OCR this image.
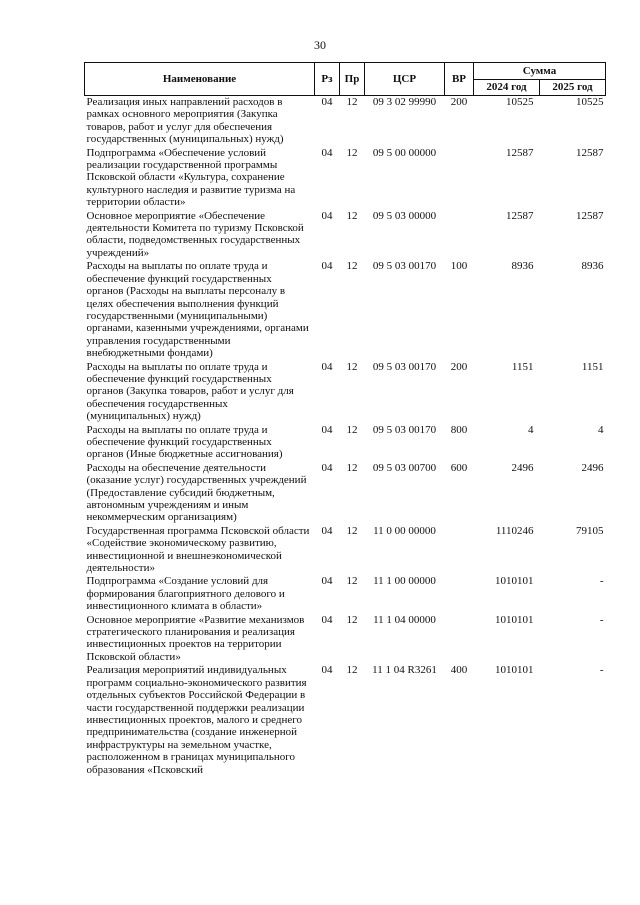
30
Наименование	Рз	Пр	ЦСР	ВР	Сумма	
					2024 год	2025 год
Реализация иных направлений расходов в рамках основного мероприятия (Закупка товаров, работ и услуг для обеспечения государственных (муниципальных) нужд)	04	12	09 3 02 99990	200	10525	10525
Подпрограмма «Обеспечение условий реализации государственной программы Псковской области «Культура, сохранение культурного наследия и развитие туризма на территории области»	04	12	09 5 00 00000		12587	12587
Основное мероприятие «Обеспечение деятельности Комитета по туризму Псковской области, подведомственных государственных учреждений»	04	12	09 5 03 00000		12587	12587
Расходы на выплаты по оплате труда и обеспечение функций государственных органов (Расходы на выплаты персоналу в целях обеспечения выполнения функций государственными (муниципальными) органами, казенными учреждениями, органами управления государственными внебюджетными фондами)	04	12	09 5 03 00170	100	8936	8936
Расходы на выплаты по оплате труда и обеспечение функций государственных органов (Закупка товаров, работ и услуг для обеспечения государственных (муниципальных) нужд)	04	12	09 5 03 00170	200	1151	1151
Расходы на выплаты по оплате труда и обеспечение функций государственных органов (Иные бюджетные ассигнования)	04	12	09 5 03 00170	800	4	4
Расходы на обеспечение деятельности (оказание услуг) государственных учреждений (Предоставление субсидий бюджетным, автономным учреждениям и иным некоммерческим организациям)	04	12	09 5 03 00700	600	2496	2496
Государственная программа Псковской области «Содействие экономическому развитию, инвестиционной и внешнеэкономической деятельности»	04	12	11 0 00 00000		1110246	79105
Подпрограмма «Создание условий для формирования благоприятного делового и инвестиционного климата в области»	04	12	11 1 00 00000		1010101	-
Основное мероприятие «Развитие механизмов стратегического планирования и реализация инвестиционных проектов на территории Псковской области»	04	12	11 1 04 00000		1010101	-
Реализация мероприятий индивидуальных программ социально-экономического развития отдельных субъектов Российской Федерации в части государственной поддержки реализации инвестиционных проектов, малого и среднего предпринимательства (создание инженерной инфраструктуры на земельном участке, расположенном в границах муниципального образования «Псковский	04	12	11 1 04 R3261	400	1010101	-
